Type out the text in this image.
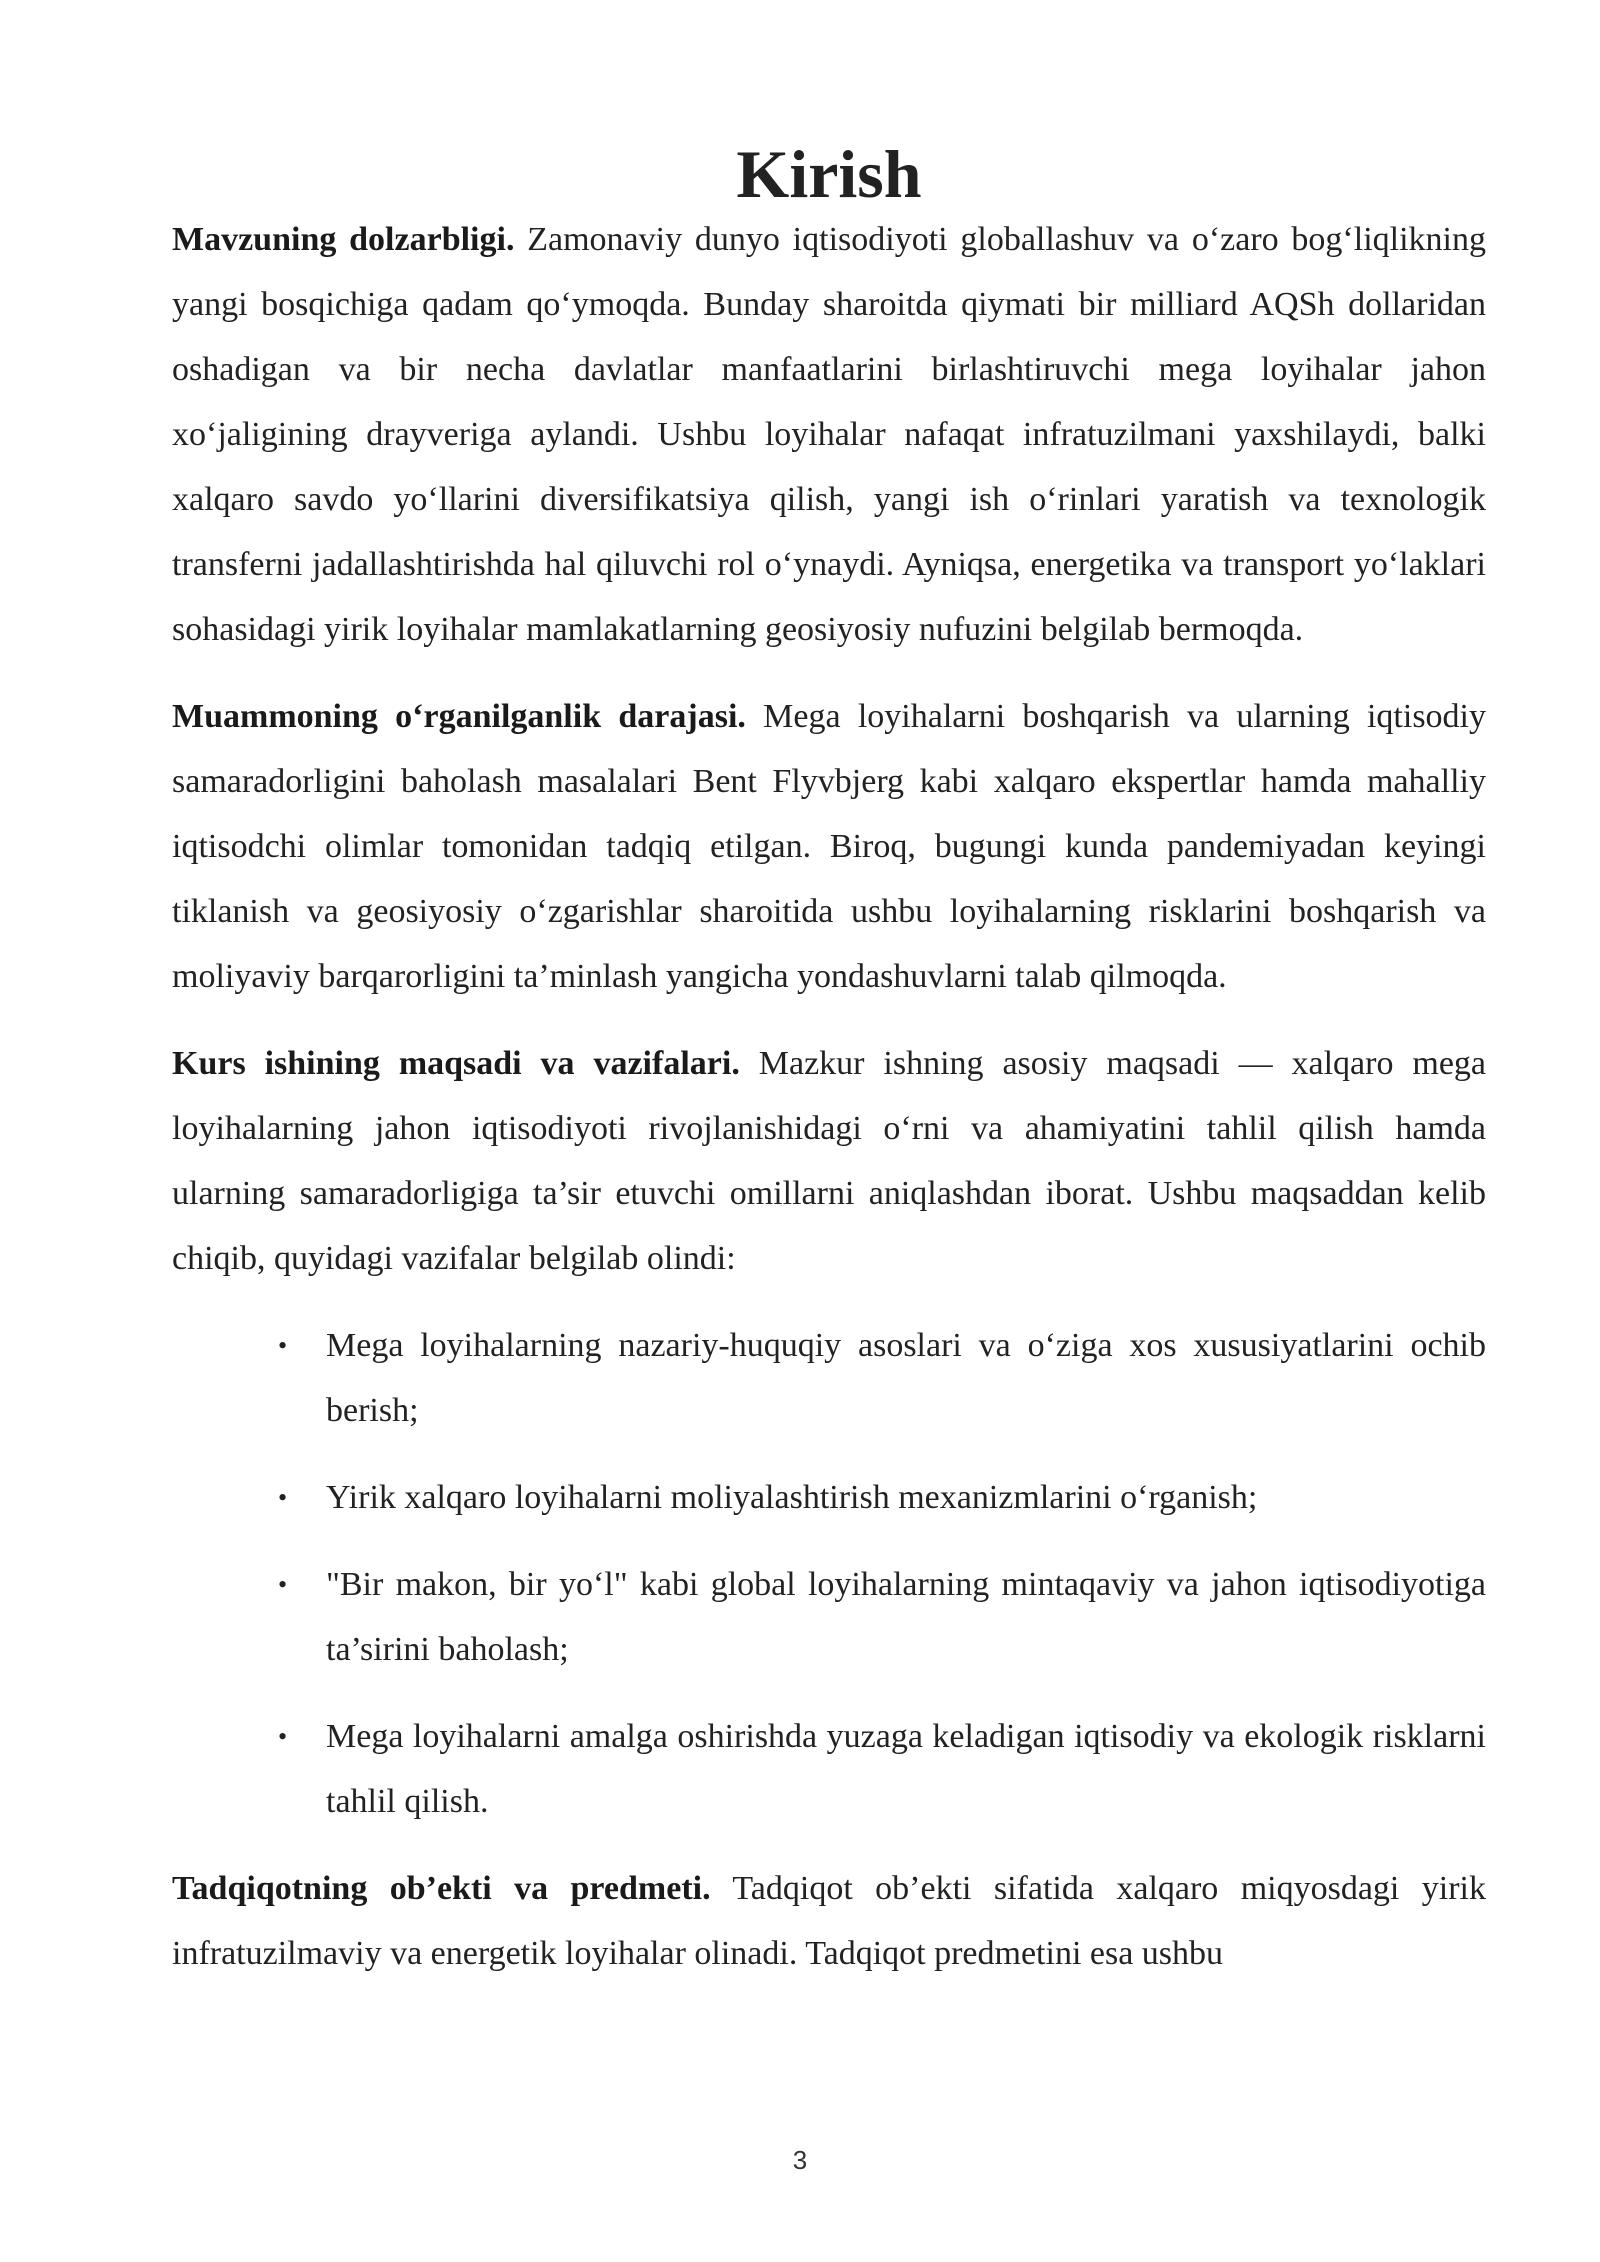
Kirish

Mavzuning dolzarbligi. Zamonaviy dunyo iqtisodiyoti globallashuv va o‘zaro bog‘liqlikning yangi bosqichiga qadam qo‘ymoqda. Bunday sharoitda qiymati bir milliard AQSh dollaridan oshadigan va bir necha davlatlar manfaatlarini birlashtiruvchi mega loyihalar jahon xo‘jaligining drayveriga aylandi. Ushbu loyihalar nafaqat infratuzilmani yaxshilaydi, balki xalqaro savdo yo‘llarini diversifikatsiya qilish, yangi ish o‘rinlari yaratish va texnologik transferni jadallashtirishda hal qiluvchi rol o‘ynaydi. Ayniqsa, energetika va transport yo‘laklari sohasidagi yirik loyihalar mamlakatlarning geosiyosiy nufuzini belgilab bermoqda.

Muammoning o‘rganilganlik darajasi. Mega loyihalarni boshqarish va ularning iqtisodiy samaradorligini baholash masalalari Bent Flyvbjerg kabi xalqaro ekspertlar hamda mahalliy iqtisodchi olimlar tomonidan tadqiq etilgan. Biroq, bugungi kunda pandemiyadan keyingi tiklanish va geosiyosiy o‘zgarishlar sharoitida ushbu loyihalarning risklarini boshqarish va moliyaviy barqarorligini ta’minlash yangicha yondashuvlarni talab qilmoqda.

Kurs ishining maqsadi va vazifalari. Mazkur ishning asosiy maqsadi — xalqaro mega loyihalarning jahon iqtisodiyoti rivojlanishidagi o‘rni va ahamiyatini tahlil qilish hamda ularning samaradorligiga ta’sir etuvchi omillarni aniqlashdan iborat. Ushbu maqsaddan kelib chiqib, quyidagi vazifalar belgilab olindi:

• Mega loyihalarning nazariy-huquqiy asoslari va o‘ziga xos xususiyatlarini ochib berish;
• Yirik xalqaro loyihalarni moliyalashtirish mexanizmlarini o‘rganish;
• "Bir makon, bir yo‘l" kabi global loyihalarning mintaqaviy va jahon iqtisodiyotiga ta’sirini baholash;
• Mega loyihalarni amalga oshirishda yuzaga keladigan iqtisodiy va ekologik risklarni tahlil qilish.

Tadqiqotning ob’ekti va predmeti. Tadqiqot ob’ekti sifatida xalqaro miqyosdagi yirik infratuzilmaviy va energetik loyihalar olinadi. Tadqiqot predmetini esa ushbu

3
